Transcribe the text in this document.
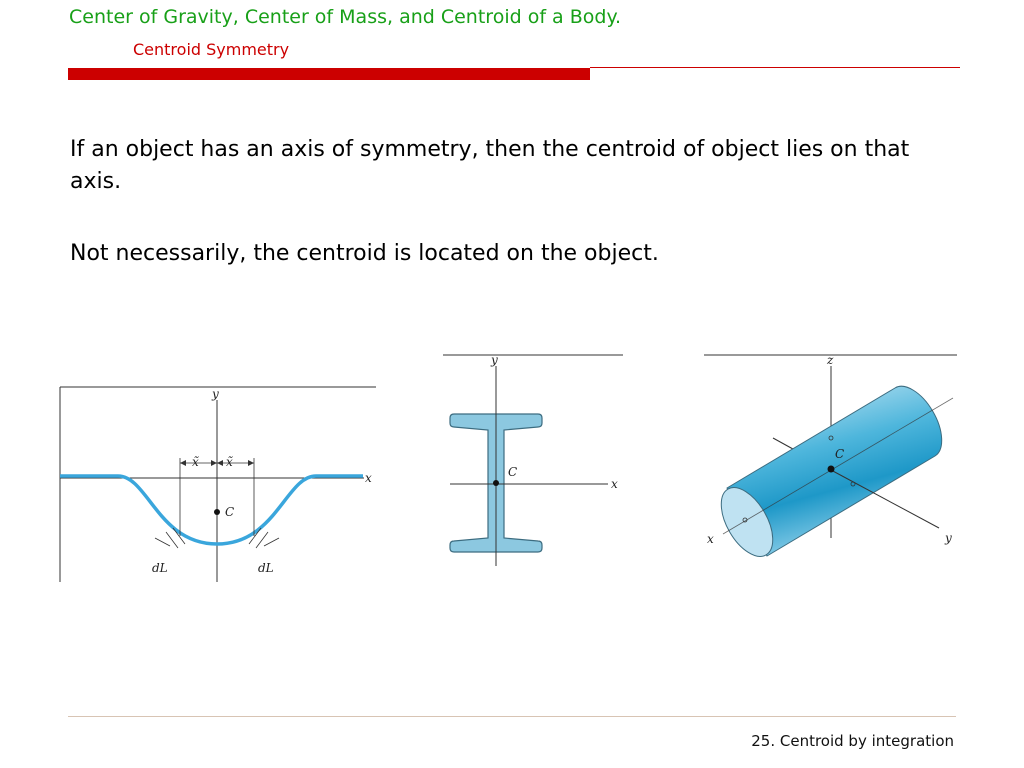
Center of Gravity, Center of Mass, and Centroid of a Body.
Centroid Symmetry

If an object has an axis of symmetry, then the centroid of object lies on that axis.

Not necessarily, the centroid is located on the object.

y
x
x̃ x̃
C
dL	dL
y
x
C
z
C
x	y
25. Centroid by integration
